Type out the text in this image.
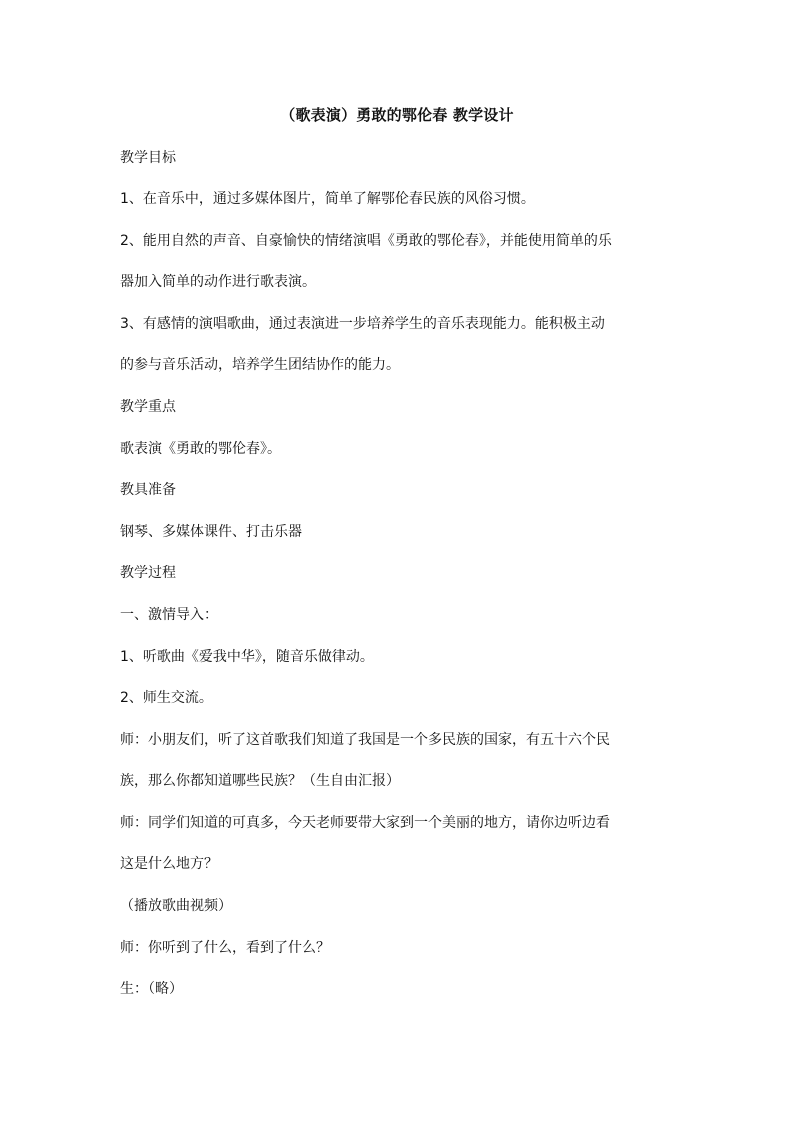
（歌表演）勇敢的鄂伦春 教学设计

教学目标

1、在音乐中，通过多媒体图片，简单了解鄂伦春民族的风俗习惯。

2、能用自然的声音、自豪愉快的情绪演唱《勇敢的鄂伦春》，并能使用简单的乐

器加入简单的动作进行歌表演。

3、有感情的演唱歌曲，通过表演进一步培养学生的音乐表现能力。能积极主动

的参与音乐活动，培养学生团结协作的能力。

教学重点

歌表演《勇敢的鄂伦春》。

教具准备

钢琴、多媒体课件、打击乐器

教学过程

一、激情导入：

1、听歌曲《爱我中华》，随音乐做律动。

2、师生交流。

师：小朋友们，听了这首歌我们知道了我国是一个多民族的国家，有五十六个民

族，那么你都知道哪些民族？（生自由汇报）

师：同学们知道的可真多，今天老师要带大家到一个美丽的地方，请你边听边看

这是什么地方？

（播放歌曲视频）

师：你听到了什么，看到了什么？

生：（略）
